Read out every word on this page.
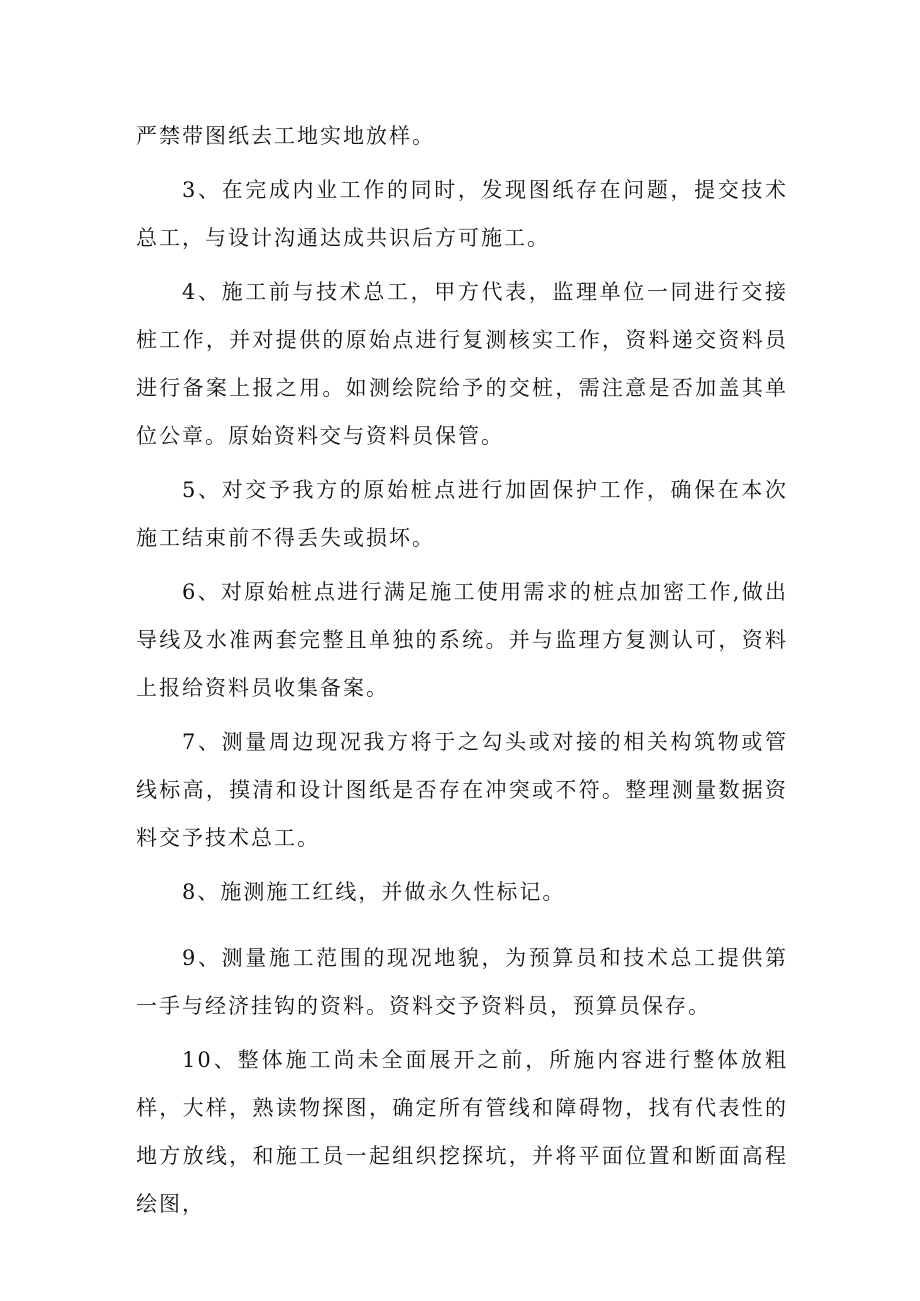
严禁带图纸去工地实地放样。

3、在完成内业工作的同时，发现图纸存在问题，提交技术总工，与设计沟通达成共识后方可施工。

4、施工前与技术总工，甲方代表，监理单位一同进行交接桩工作，并对提供的原始点进行复测核实工作，资料递交资料员进行备案上报之用。如测绘院给予的交桩，需注意是否加盖其单位公章。原始资料交与资料员保管。

5、对交予我方的原始桩点进行加固保护工作，确保在本次施工结束前不得丢失或损坏。

6、对原始桩点进行满足施工使用需求的桩点加密工作,做出导线及水准两套完整且单独的系统。并与监理方复测认可，资料上报给资料员收集备案。

7、测量周边现况我方将于之勾头或对接的相关构筑物或管线标高，摸清和设计图纸是否存在冲突或不符。整理测量数据资料交予技术总工。

8、施测施工红线，并做永久性标记。

9、测量施工范围的现况地貌，为预算员和技术总工提供第一手与经济挂钩的资料。资料交予资料员，预算员保存。

10、整体施工尚未全面展开之前，所施内容进行整体放粗样，大样，熟读物探图，确定所有管线和障碍物，找有代表性的地方放线，和施工员一起组织挖探坑，并将平面位置和断面高程绘图，
